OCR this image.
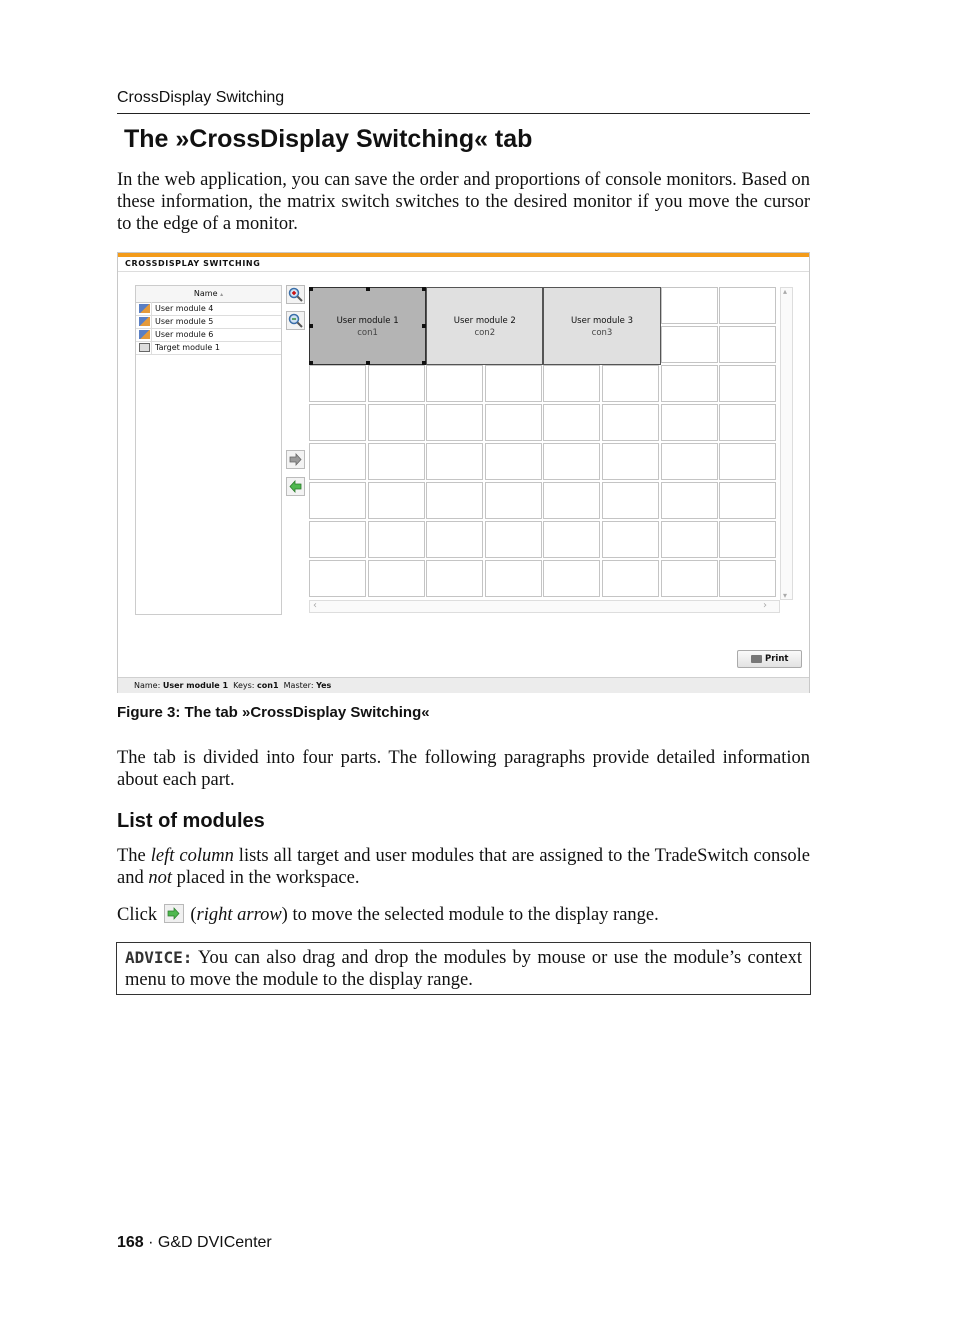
CrossDisplay Switching
The »CrossDisplay Switching« tab

In the web application, you can save the order and proportions of console monitors. Based on these information, the matrix switch switches to the desired monitor if you move the cursor to the edge of a monitor.

CROSSDISPLAY SWITCHING
Name ▴
User module 4
User module 5
User module 6
Target module 1
User module 1
con1
User module 2
con2
User module 3
con3
▴
▾
‹	›
Print
Name: User module 1 Keys: con1 Master: Yes
Figure 3: The tab »CrossDisplay Switching«

The tab is divided into four parts. The following paragraphs provide detailed information about each part.

List of modules

The left column lists all target and user modules that are assigned to the TradeSwitch console and not placed in the workspace.

Click
(right arrow) to move the selected module to the display range.

ADVICE: You can also drag and drop the modules by mouse or use the module’s context menu to move the module to the display range.
168 · G&D DVICenter
